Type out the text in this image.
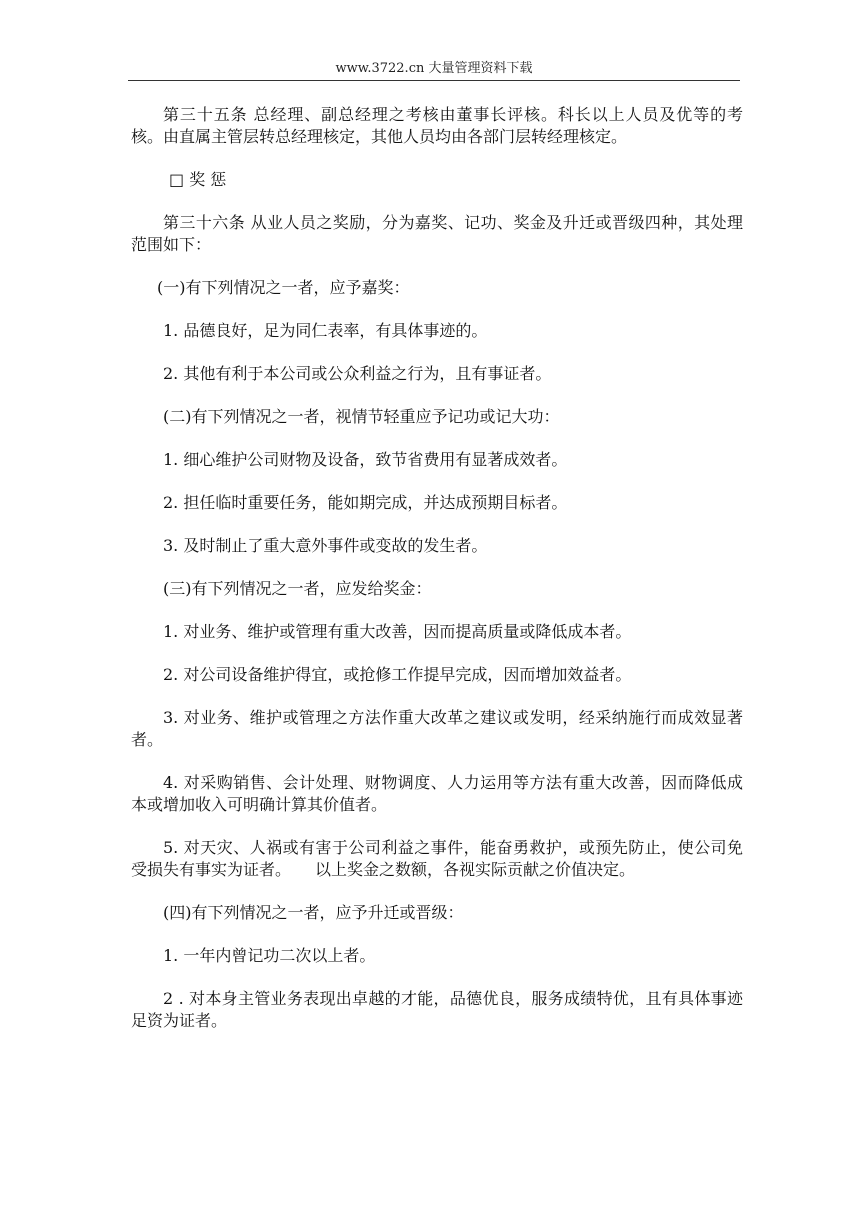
www.3722.cn 大量管理资料下载

第三十五条 总经理、副总经理之考核由董事长评核。科长以上人员及优等的考核。由直属主管层转总经理核定，其他人员均由各部门层转经理核定。

□ 奖 惩

第三十六条 从业人员之奖励，分为嘉奖、记功、奖金及升迁或晋级四种，其处理范围如下：

(一)有下列情况之一者，应予嘉奖：

1. 品德良好，足为同仁表率，有具体事迹的。

2. 其他有利于本公司或公众利益之行为，且有事证者。

(二)有下列情况之一者，视情节轻重应予记功或记大功：

1. 细心维护公司财物及设备，致节省费用有显著成效者。

2. 担任临时重要任务，能如期完成，并达成预期目标者。

3. 及时制止了重大意外事件或变故的发生者。

(三)有下列情况之一者，应发给奖金：

1. 对业务、维护或管理有重大改善，因而提高质量或降低成本者。

2. 对公司设备维护得宜，或抢修工作提早完成，因而增加效益者。

3. 对业务、维护或管理之方法作重大改革之建议或发明，经采纳施行而成效显著者。

4. 对采购销售、会计处理、财物调度、人力运用等方法有重大改善，因而降低成本或增加收入可明确计算其价值者。

5. 对天灾、人祸或有害于公司利益之事件，能奋勇救护，或预先防止，使公司免受损失有事实为证者。　　以上奖金之数额，各视实际贡献之价值决定。

(四)有下列情况之一者，应予升迁或晋级：

1. 一年内曾记功二次以上者。

2 . 对本身主管业务表现出卓越的才能，品德优良，服务成绩特优，且有具体事迹足资为证者。
